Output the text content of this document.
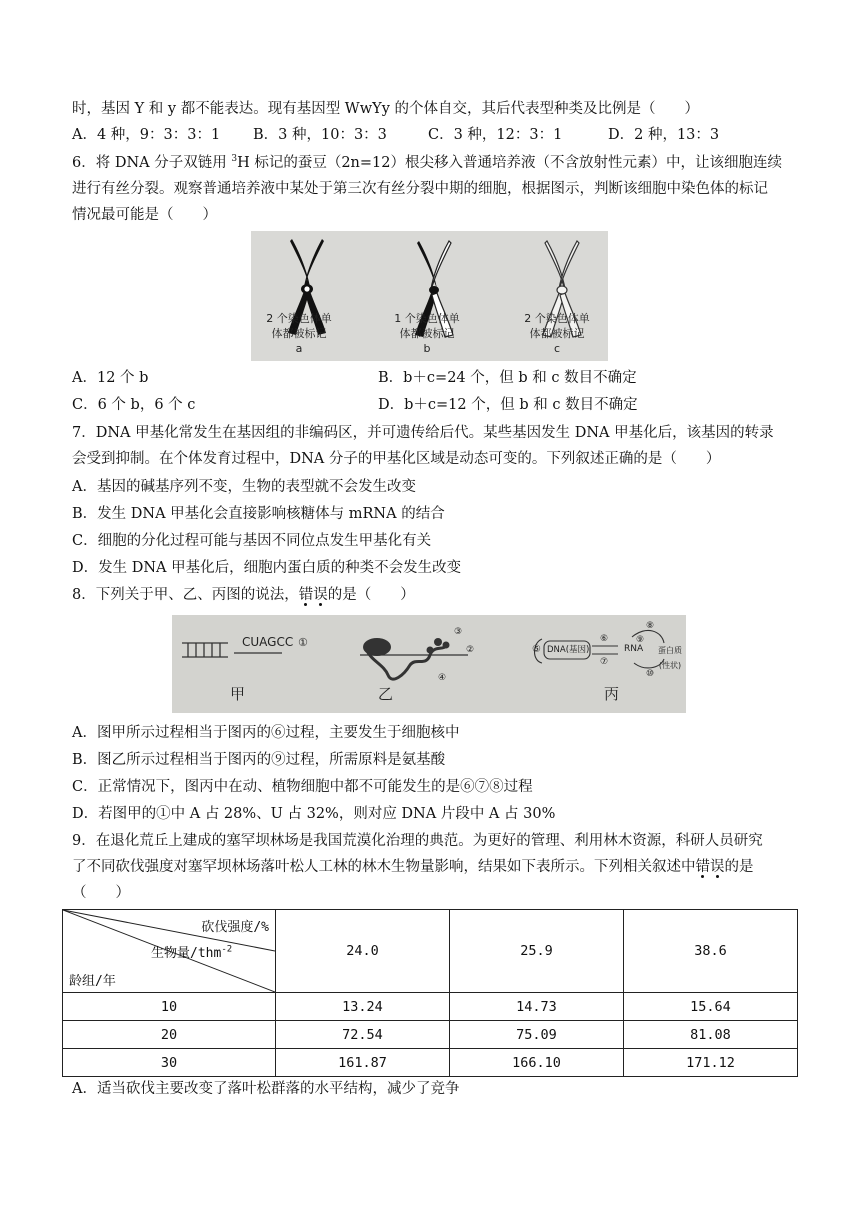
时，基因 Y 和 y 都不能表达。现有基因型 WwYy 的个体自交，其后代表型种类及比例是（　　）
A．4 种，9：3：3：1 B．3 种，10：3：3	C．3 种，12：3：1	D．2 种，13：3
6．将 DNA 分子双链用 $^3$H 标记的蚕豆（2n=12）根尖移入普通培养液（不含放射性元素）中，让该细胞连续
进行有丝分裂。观察普通培养液中某处于第三次有丝分裂中期的细胞，根据图示，判断该细胞中染色体的标记
情况最可能是（　　）
2 个染色体单
体都被标记
a
1 个染色体单
体都被标记
b
2 个染色体单
体都被标记
c
A．12 个 b	B．b＋c=24 个，但 b 和 c 数目不确定
C．6 个 b，6 个 c	D．b＋c=12 个，但 b 和 c 数目不确定
7．DNA 甲基化常发生在基因组的非编码区，并可遗传给后代。某些基因发生 DNA 甲基化后，该基因的转录
会受到抑制。在个体发育过程中，DNA 分子的甲基化区域是动态可变的。下列叙述正确的是（　　）
A．基因的碱基序列不变，生物的表型就不会发生改变
B．发生 DNA 甲基化会直接影响核糖体与 mRNA 的结合
C．细胞的分化过程可能与基因不同位点发生甲基化有关
D．发生 DNA 甲基化后，细胞内蛋白质的种类不会发生改变
8．下列关于甲、乙、丙图的说法，错误的是（　　）
CUAGCC ①
③
②
④
⑤ DNA(基因)
⑥
⑦
RNA
⑧
⑨
蛋白质
(性状)
⑩
甲	乙	丙
A．图甲所示过程相当于图丙的⑥过程，主要发生于细胞核中
B．图乙所示过程相当于图丙的⑨过程，所需原料是氨基酸
C．正常情况下，图丙中在动、植物细胞中都不可能发生的是⑥⑦⑧过程
D．若图甲的①中 A 占 28%、U 占 32%，则对应 DNA 片段中 A 占 30%
9．在退化荒丘上建成的塞罕坝林场是我国荒漠化治理的典范。为更好的管理、利用林木资源，科研人员研究
了不同砍伐强度对塞罕坝林场落叶松人工林的林木生物量影响，结果如下表所示。下列相关叙述中错误的是
（　　）
砍伐强度/%
生物量/thm$^{-2}$
龄组/年	24.0	25.9	38.6
10	13.24	14.73	15.64
20	72.54	75.09	81.08
30	161.87	166.10	171.12
A．适当砍伐主要改变了落叶松群落的水平结构，减少了竞争
